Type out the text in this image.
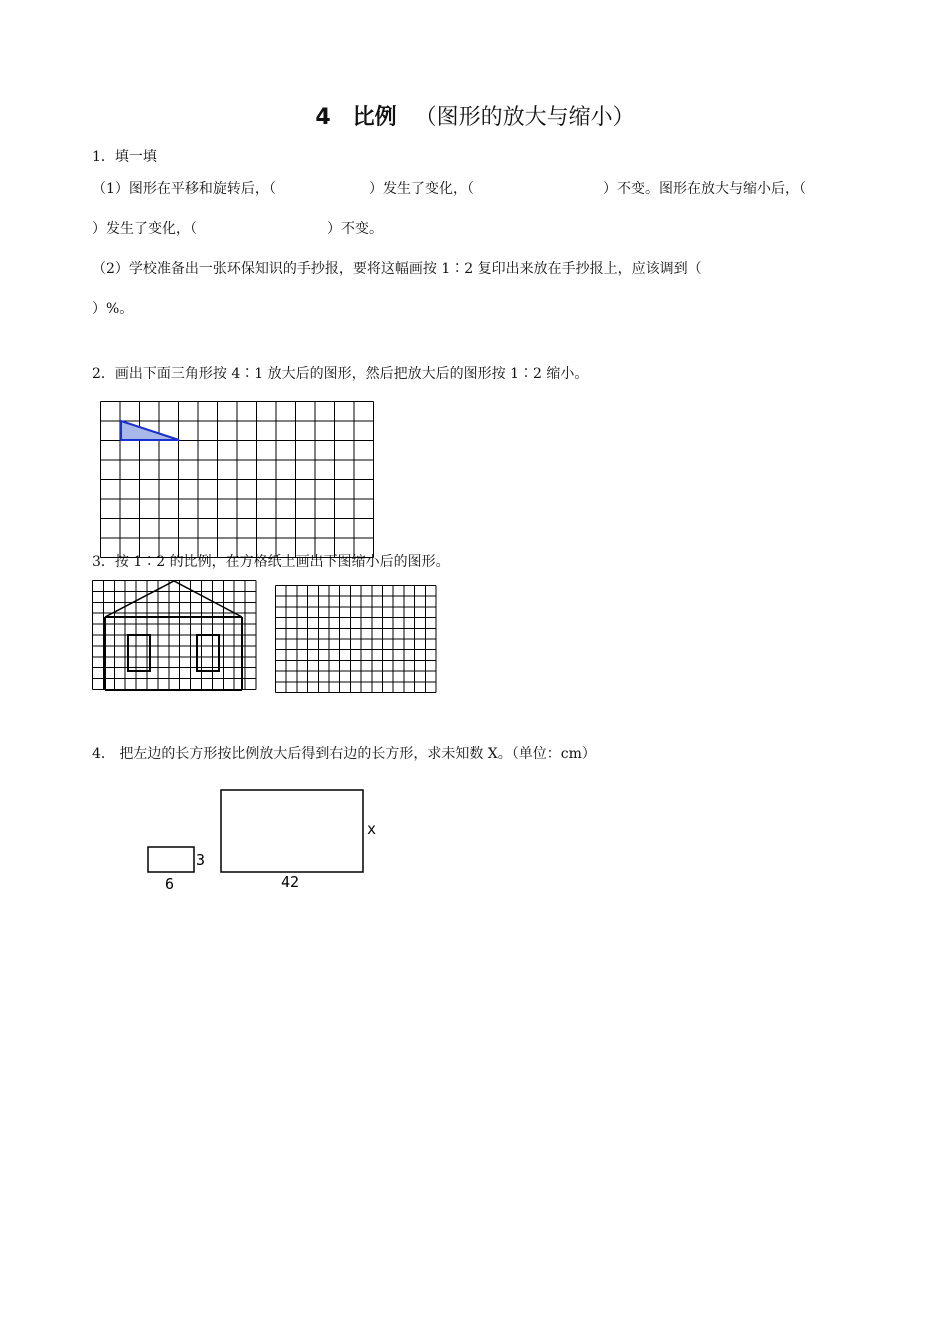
4 比例 （图形的放大与缩小）
1．填一填
（1）图形在平移和旋转后，（	）发生了变化，（	）不变。图形在放大与缩小后，（
）发生了变化，（	）不变。
（2）学校准备出一张环保知识的手抄报，要将这幅画按 1∶2 复印出来放在手抄报上，应该调到（
）%。
2．画出下面三角形按 4∶1 放大后的图形，然后把放大后的图形按 1∶2 缩小。
3．按 1∶2 的比例，在方格纸上画出下图缩小后的图形。
4． 把左边的长方形按比例放大后得到右边的长方形，求未知数 X。（单位：cm）
3
6
x
42
